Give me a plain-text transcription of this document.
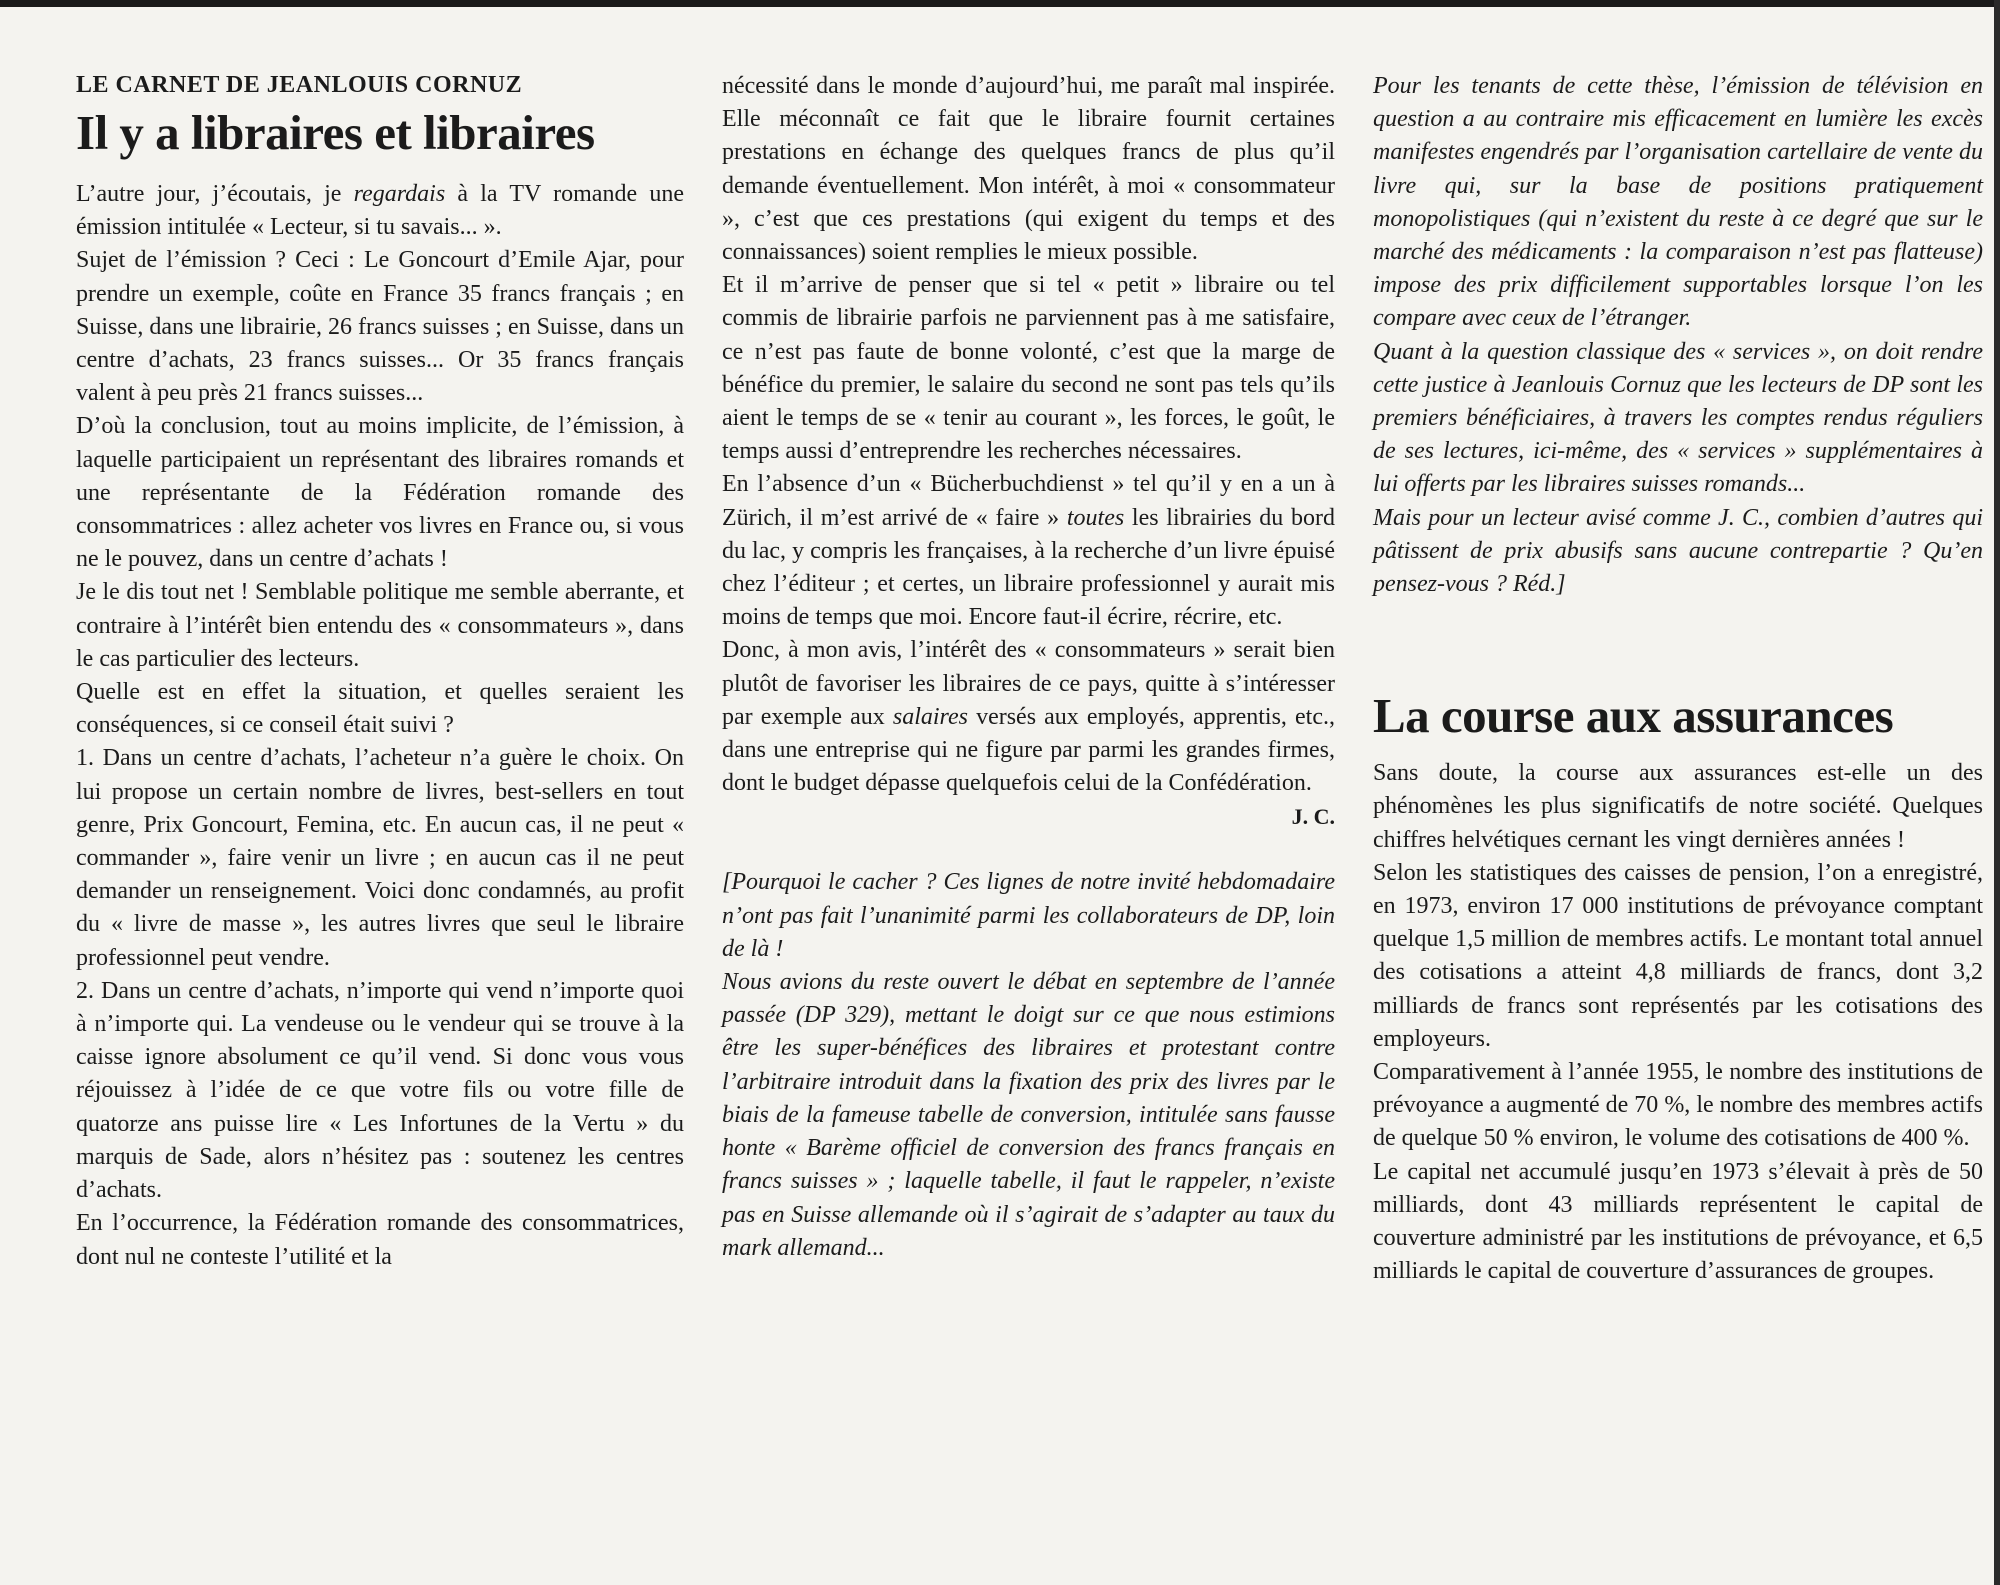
LE CARNET DE JEANLOUIS CORNUZ
Il y a libraires et libraires

L’autre jour, j’écoutais, je regardais à la TV romande une émission intitulée « Lecteur, si tu savais... ».

Sujet de l’émission ? Ceci : Le Goncourt d’Emile Ajar, pour prendre un exemple, coûte en France 35 francs français ; en Suisse, dans une librairie, 26 francs suisses ; en Suisse, dans un centre d’achats, 23 francs suisses... Or 35 francs français valent à peu près 21 francs suisses...

D’où la conclusion, tout au moins implicite, de l’émission, à laquelle participaient un représentant des libraires romands et une représentante de la Fédération romande des consommatrices : allez acheter vos livres en France ou, si vous ne le pouvez, dans un centre d’achats !

Je le dis tout net ! Semblable politique me semble aberrante, et contraire à l’intérêt bien entendu des « consommateurs », dans le cas particulier des lecteurs.

Quelle est en effet la situation, et quelles seraient les conséquences, si ce conseil était suivi ?

1. Dans un centre d’achats, l’acheteur n’a guère le choix. On lui propose un certain nombre de livres, best-sellers en tout genre, Prix Goncourt, Femina, etc. En aucun cas, il ne peut « commander », faire venir un livre ; en aucun cas il ne peut demander un renseignement. Voici donc condamnés, au profit du « livre de masse », les autres livres que seul le libraire professionnel peut vendre.

2. Dans un centre d’achats, n’importe qui vend n’importe quoi à n’importe qui. La vendeuse ou le vendeur qui se trouve à la caisse ignore absolument ce qu’il vend. Si donc vous vous réjouissez à l’idée de ce que votre fils ou votre fille de quatorze ans puisse lire « Les Infortunes de la Vertu » du marquis de Sade, alors n’hésitez pas : soutenez les centres d’achats.

En l’occurrence, la Fédération romande des consommatrices, dont nul ne conteste l’utilité et la

nécessité dans le monde d’aujourd’hui, me paraît mal inspirée. Elle méconnaît ce fait que le libraire fournit certaines prestations en échange des quelques francs de plus qu’il demande éventuellement. Mon intérêt, à moi « consommateur », c’est que ces prestations (qui exigent du temps et des connaissances) soient remplies le mieux possible.

Et il m’arrive de penser que si tel « petit » libraire ou tel commis de librairie parfois ne parviennent pas à me satisfaire, ce n’est pas faute de bonne volonté, c’est que la marge de bénéfice du premier, le salaire du second ne sont pas tels qu’ils aient le temps de se « tenir au courant », les forces, le goût, le temps aussi d’entreprendre les recherches nécessaires.

En l’absence d’un « Bücherbuchdienst » tel qu’il y en a un à Zürich, il m’est arrivé de « faire » toutes les librairies du bord du lac, y compris les françaises, à la recherche d’un livre épuisé chez l’éditeur ; et certes, un libraire professionnel y aurait mis moins de temps que moi. Encore faut-il écrire, récrire, etc.

Donc, à mon avis, l’intérêt des « consommateurs » serait bien plutôt de favoriser les libraires de ce pays, quitte à s’intéresser par exemple aux salaires versés aux employés, apprentis, etc., dans une entreprise qui ne figure par parmi les grandes firmes, dont le budget dépasse quelquefois celui de la Confédération.

J. C.

[Pourquoi le cacher ? Ces lignes de notre invité hebdomadaire n’ont pas fait l’unanimité parmi les collaborateurs de DP, loin de là !

Nous avions du reste ouvert le débat en septembre de l’année passée (DP 329), mettant le doigt sur ce que nous estimions être les super-bénéfices des libraires et protestant contre l’arbitraire introduit dans la fixation des prix des livres par le biais de la fameuse tabelle de conversion, intitulée sans fausse honte « Barème officiel de conversion des francs français en francs suisses » ; laquelle tabelle, il faut le rappeler, n’existe pas en Suisse allemande où il s’agirait de s’adapter au taux du mark allemand...

Pour les tenants de cette thèse, l’émission de télévision en question a au contraire mis efficacement en lumière les excès manifestes engendrés par l’organisation cartellaire de vente du livre qui, sur la base de positions pratiquement monopolistiques (qui n’existent du reste à ce degré que sur le marché des médicaments : la comparaison n’est pas flatteuse) impose des prix difficilement supportables lorsque l’on les compare avec ceux de l’étranger.

Quant à la question classique des « services », on doit rendre cette justice à Jeanlouis Cornuz que les lecteurs de DP sont les premiers bénéficiaires, à travers les comptes rendus réguliers de ses lectures, ici-même, des « services » supplémentaires à lui offerts par les libraires suisses romands...

Mais pour un lecteur avisé comme J. C., combien d’autres qui pâtissent de prix abusifs sans aucune contrepartie ? Qu’en pensez-vous ? Réd.]

La course aux assurances

Sans doute, la course aux assurances est-elle un des phénomènes les plus significatifs de notre société. Quelques chiffres helvétiques cernant les vingt dernières années !

Selon les statistiques des caisses de pension, l’on a enregistré, en 1973, environ 17 000 institutions de prévoyance comptant quelque 1,5 million de membres actifs. Le montant total annuel des cotisations a atteint 4,8 milliards de francs, dont 3,2 milliards de francs sont représentés par les cotisations des employeurs.

Comparativement à l’année 1955, le nombre des institutions de prévoyance a augmenté de 70 %, le nombre des membres actifs de quelque 50 % environ, le volume des cotisations de 400 %.

Le capital net accumulé jusqu’en 1973 s’élevait à près de 50 milliards, dont 43 milliards représentent le capital de couverture administré par les institutions de prévoyance, et 6,5 milliards le capital de couverture d’assurances de groupes.
